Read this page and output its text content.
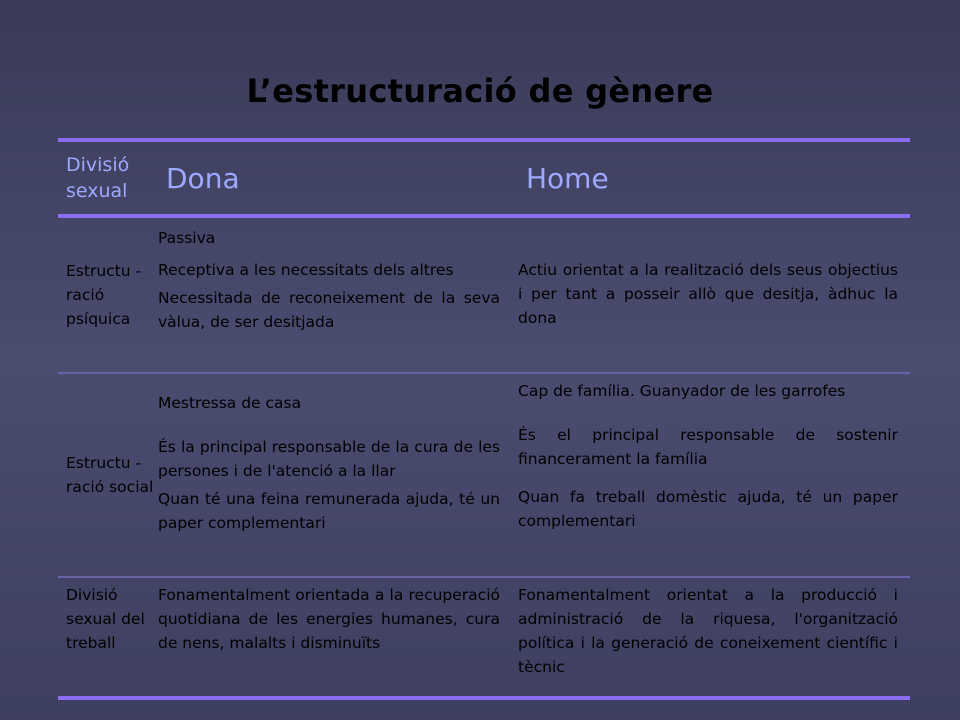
L’estructuració de gènere
Divisió sexual	Dona	Home
Estructu -ració psíquica
Passiva
Receptiva a les necessitats dels altres
Necessitada de reconeixement de la seva vàlua, de ser desitjada
Actiu orientat a la realització dels seus objectius i per tant a posseir allò que desitja, àdhuc la dona
Estructu -ració social
Mestressa de casa
És la principal responsable de la cura de les persones i de l'atenció a la llar
Quan té una feina remunerada ajuda, té un paper complementari
Cap de família. Guanyador de les garrofes
És el principal responsable de sostenir financerament la família
Quan fa treball domèstic ajuda, té un paper complementari
Divisió sexual del treball
Fonamentalment orientada a la recuperació quotidiana de les energies humanes, cura de nens, malalts i disminuïts
Fonamentalment orientat a la producció i administració de la riquesa, l'organització política i la generació de coneixement científic i tècnic
